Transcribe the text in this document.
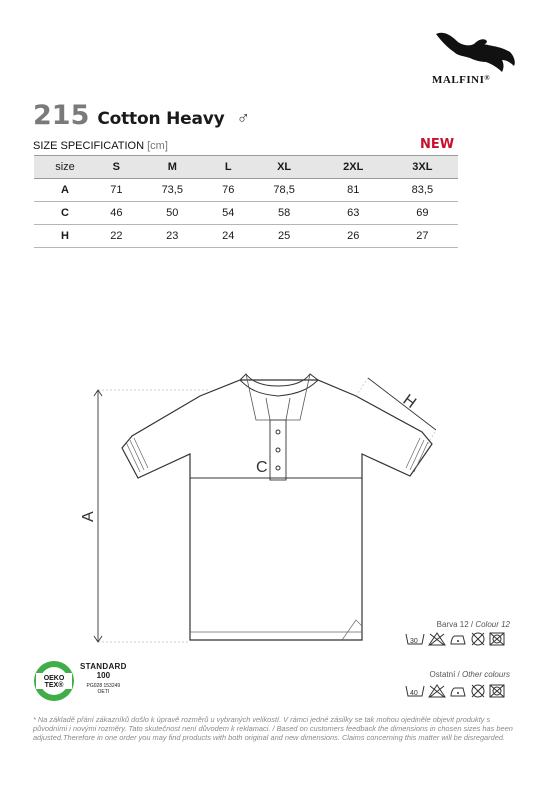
MALFINI®
215 Cotton Heavy ♂
SIZE SPECIFICATION [cm]	NEW
size	S	M	L	XL	2XL	3XL
A	71	73,5	76	78,5	81	83,5
C	46	50	54	58	63	69
H	22	23	24	25	26	27
C
A
H
Barva 12 / Colour 12
30
Ostatní / Other colours
40
OEKO
TEX®
STANDARD
100
PG028 153249
OETI
* Na základě přání zákazníků došlo k úpravě rozměrů u vybraných velikostí. V rámci jedné zásilky se tak mohou ojediněle objevit produkty s původními i novými rozměry. Tato skutečnost není důvodem k reklamaci. / Based on customers feedback the dimensions in chosen sizes has been adjusted.Therefore in one order you may find products with both original and new dimensions. Claims concerning this matter will be disregarded.
